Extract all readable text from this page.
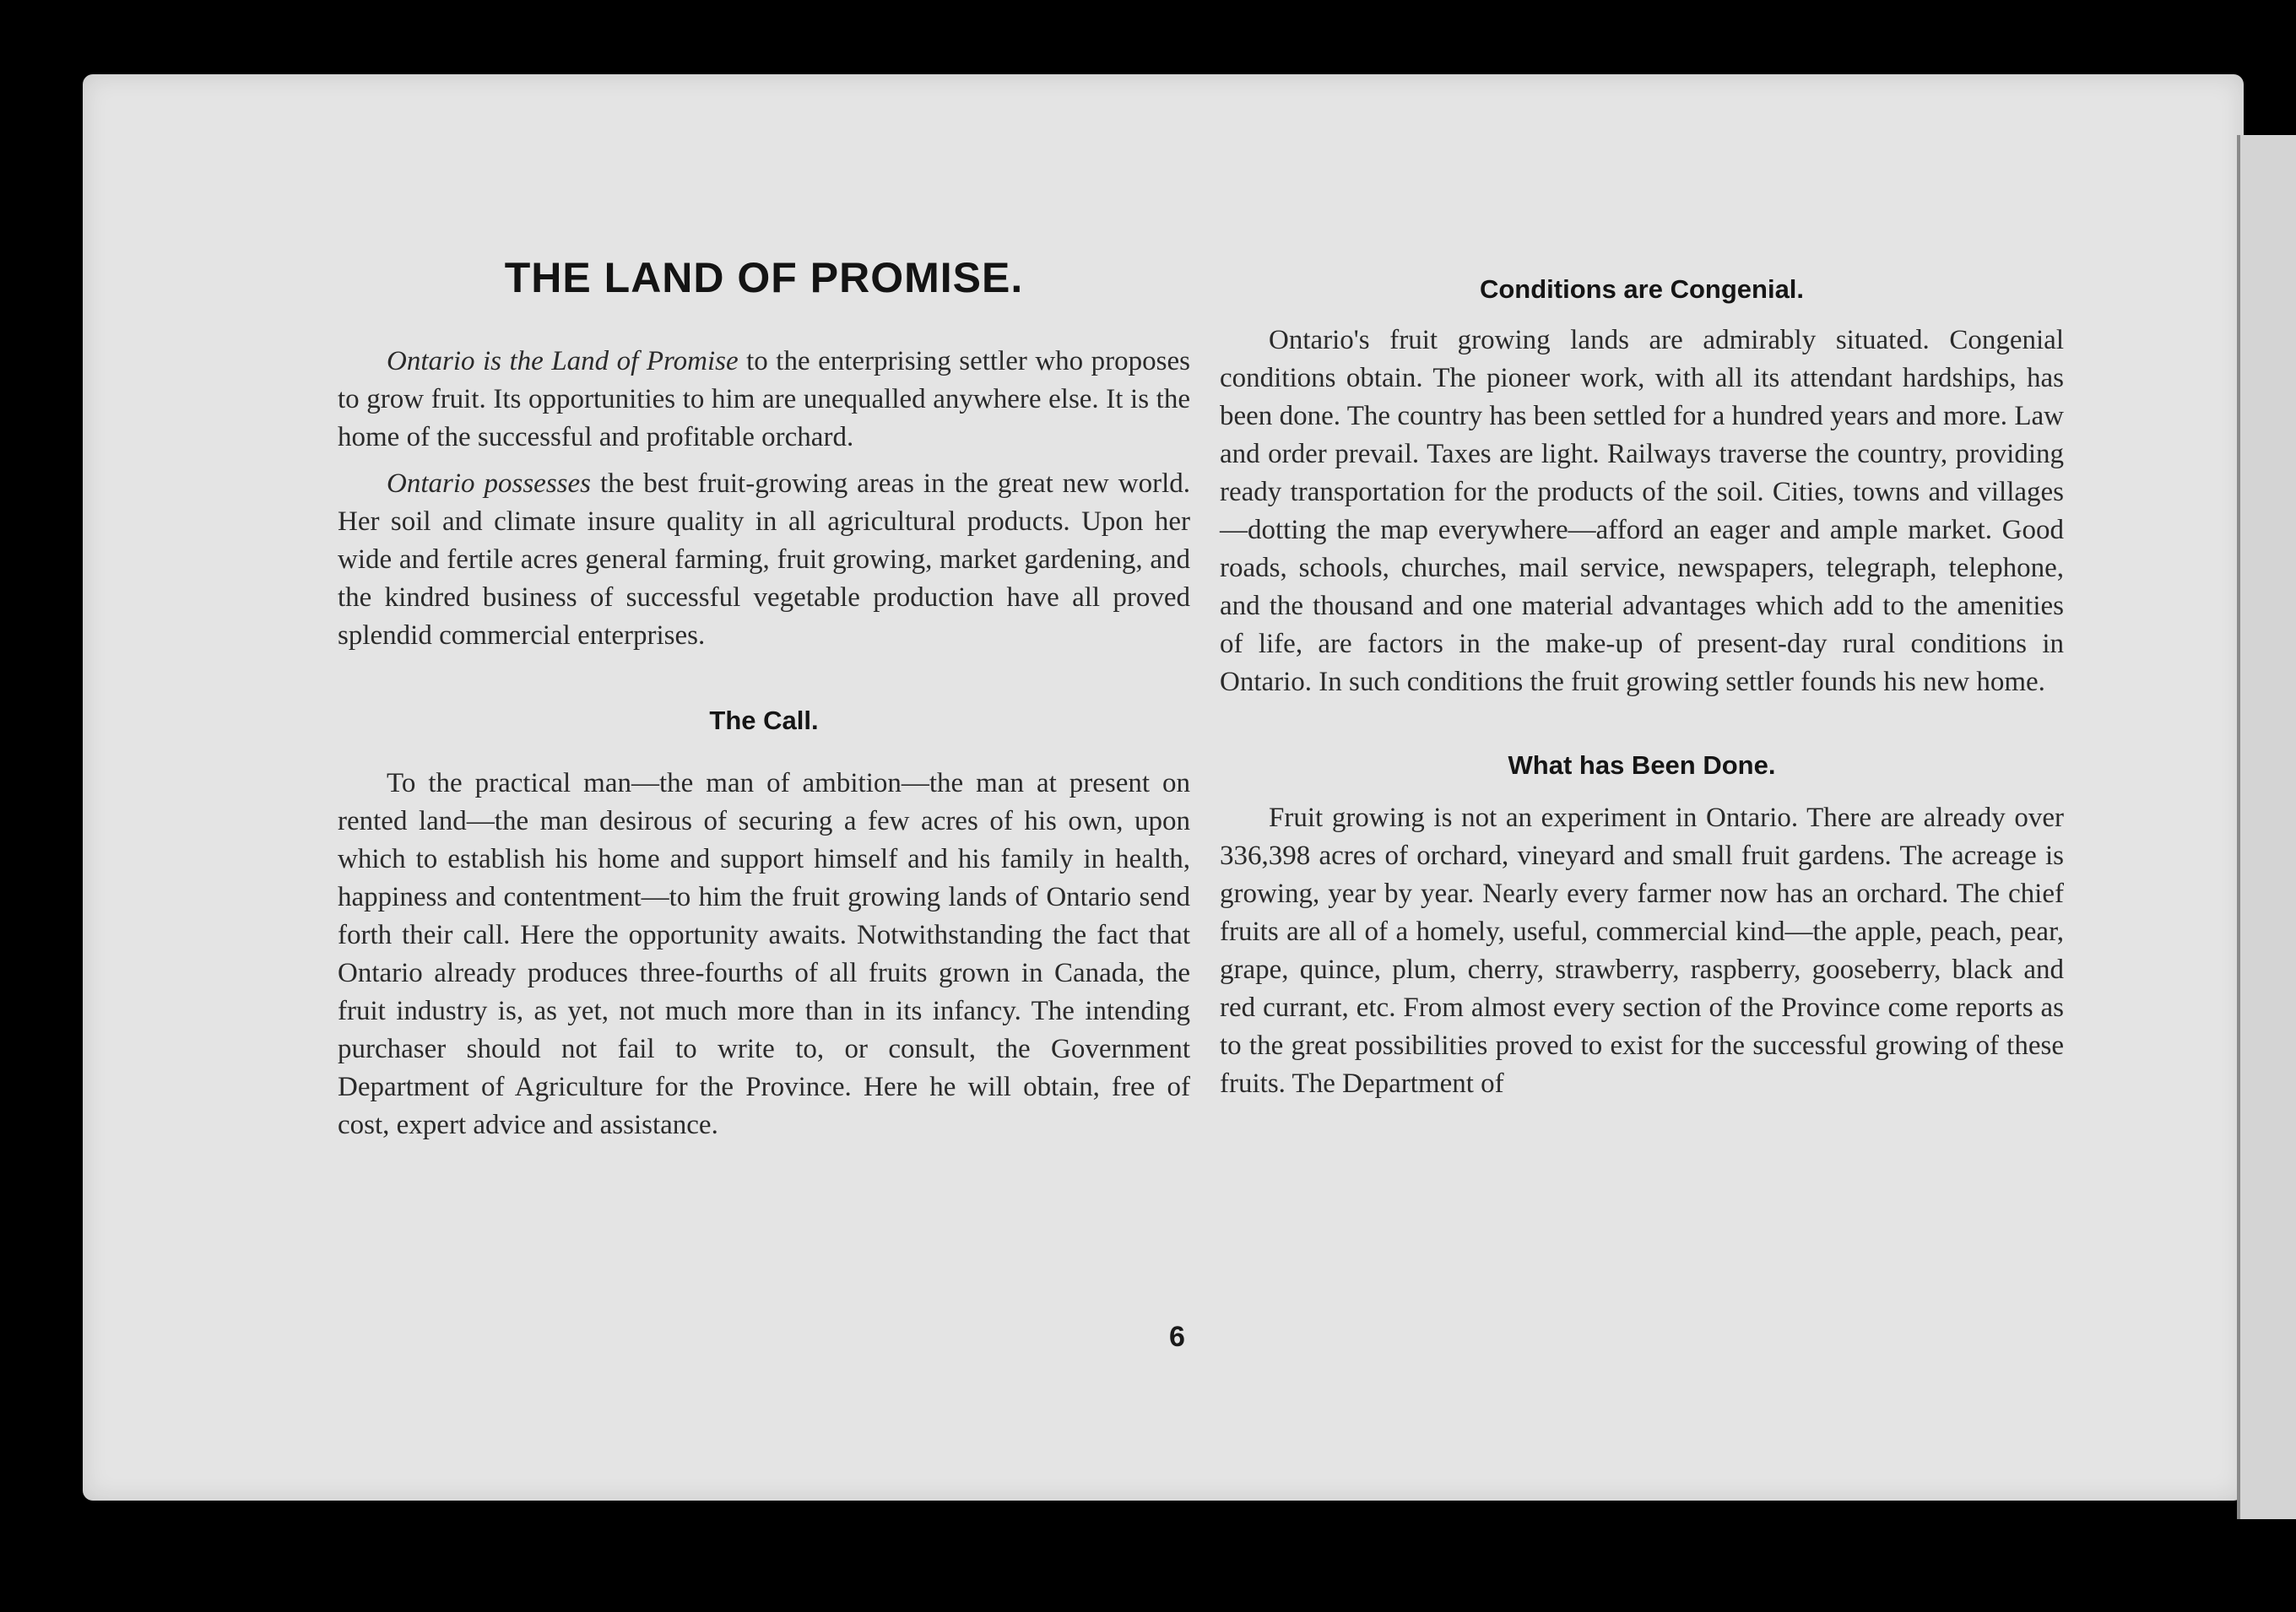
THE LAND OF PROMISE.

Ontario is the Land of Promise to the enterprising settler who proposes to grow fruit. Its opportunities to him are unequalled anywhere else. It is the home of the successful and profitable orchard.

Ontario possesses the best fruit-growing areas in the great new world. Her soil and climate insure quality in all agricultural products. Upon her wide and fertile acres general farming, fruit growing, market gardening, and the kindred business of successful vegetable production have all proved splendid commercial enterprises.

The Call.

To the practical man—the man of ambition—the man at present on rented land—the man desirous of securing a few acres of his own, upon which to establish his home and support himself and his family in health, happiness and contentment—to him the fruit growing lands of Ontario send forth their call. Here the opportunity awaits. Notwithstanding the fact that Ontario already produces three-fourths of all fruits grown in Canada, the fruit industry is, as yet, not much more than in its infancy. The intending purchaser should not fail to write to, or consult, the Government Department of Agriculture for the Province. Here he will obtain, free of cost, expert advice and assistance.

Conditions are Congenial.

Ontario's fruit growing lands are admirably situated. Congenial conditions obtain. The pioneer work, with all its attendant hardships, has been done. The country has been settled for a hundred years and more. Law and order prevail. Taxes are light. Railways traverse the country, providing ready transportation for the products of the soil. Cities, towns and villages—dotting the map everywhere—afford an eager and ample market. Good roads, schools, churches, mail service, newspapers, telegraph, telephone, and the thousand and one material advantages which add to the amenities of life, are factors in the make-up of present-day rural conditions in Ontario. In such conditions the fruit growing settler founds his new home.

What has Been Done.

Fruit growing is not an experiment in Ontario. There are already over 336,398 acres of orchard, vineyard and small fruit gardens. The acreage is growing, year by year. Nearly every farmer now has an orchard. The chief fruits are all of a homely, useful, commercial kind—the apple, peach, pear, grape, quince, plum, cherry, strawberry, raspberry, gooseberry, black and red currant, etc. From almost every section of the Province come reports as to the great possibilities proved to exist for the successful growing of these fruits. The Department of

6
